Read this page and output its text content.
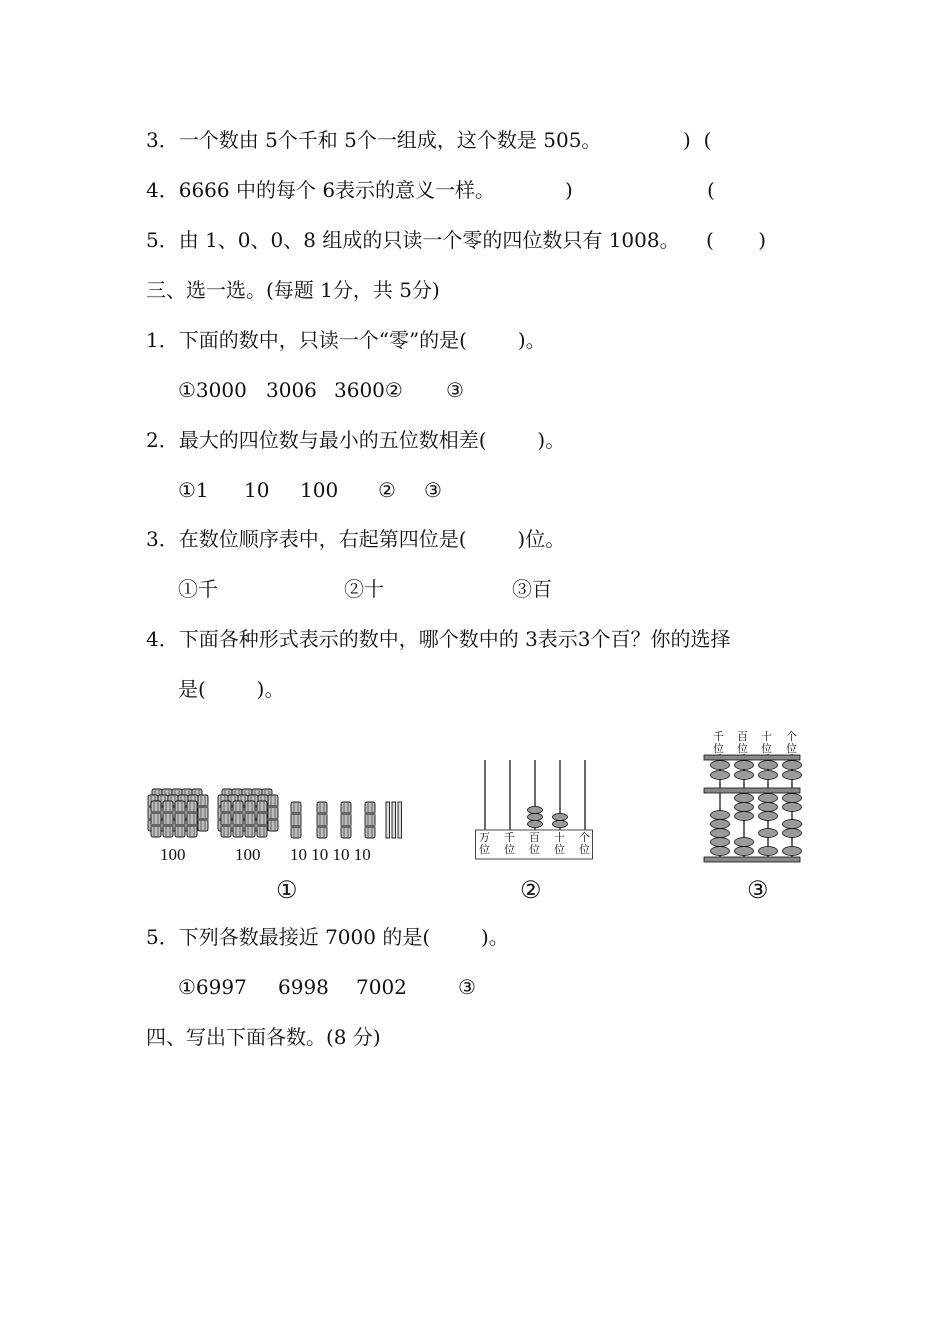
3．一个数由 5个千和 5个一组成，这个数是 505。	)  (
4．6666 中的每个 6表示的意义一样。	)	(
5．由 1、0、0、8 组成的只读一个零的四位数只有 1008。 (       )
三、选一选。(每题 1分，共 5分)
1．下面的数中，只读一个“零”的是(        )。
①3000 3006 3600② ③
2．最大的四位数与最小的五位数相差(        )。
①1 10 100 ② ③
3．在数位顺序表中，右起第四位是(        )位。
①千	②十	③百
4．下面各种形式表示的数中，哪个数中的 3表示3个百？你的选择
是(        )。
100	100 10 10 10 10
①
万
位
千
位
百
位
十
位
个
位
②
千
位
百
位
十
位
个
位
③
5．下列各数最接近 7000 的是(        )。
①6997 6998 7002	③
四、写出下面各数。(8 分)
